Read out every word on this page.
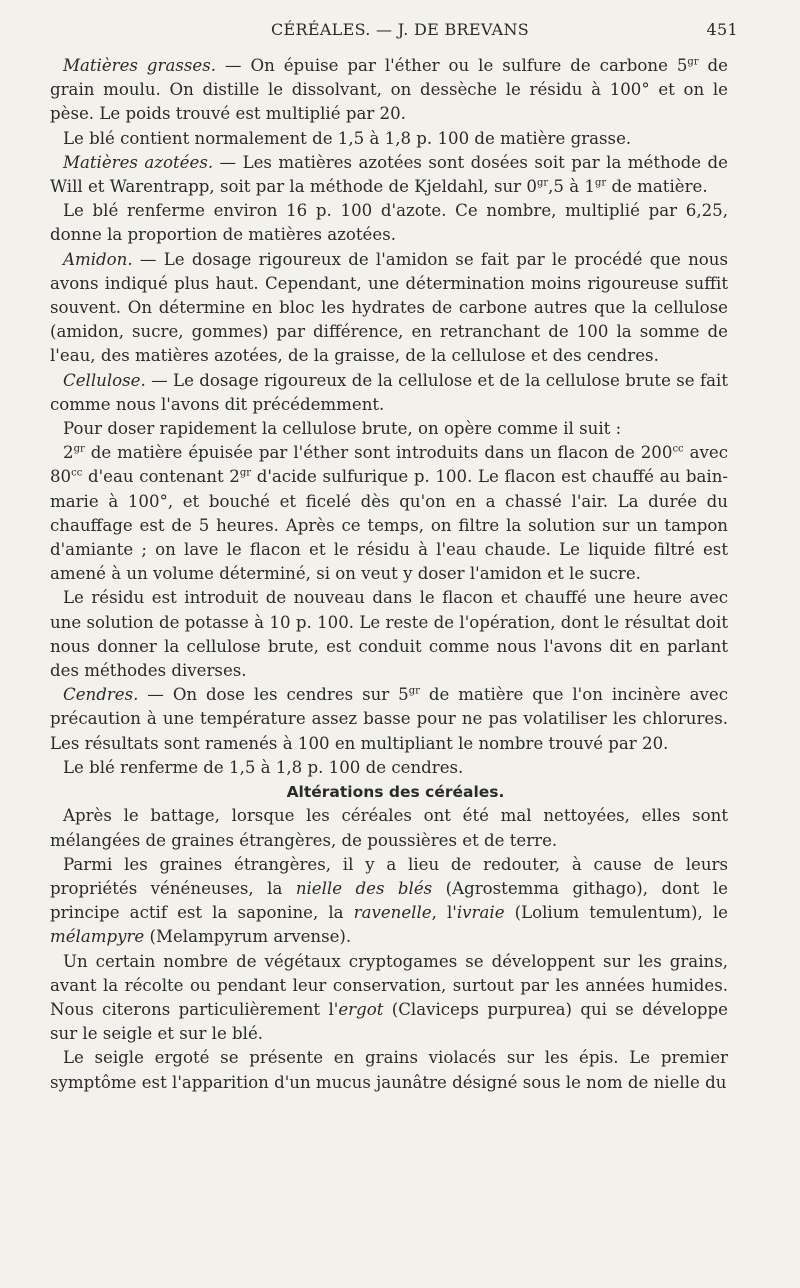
CÉRÉALES. — J. DE BREVANS	451

Matières grasses. — On épuise par l'éther ou le sulfure de carbone $5^{gr}$ de grain moulu. On distille le dissolvant, on dessèche le résidu à 100° et on le pèse. Le poids trouvé est multiplié par 20.

Le blé contient normalement de 1,5 à 1,8 p. 100 de matière grasse.

Matières azotées. — Les matières azotées sont dosées soit par la méthode de Will et Warentrapp, soit par la méthode de Kjeldahl, sur $0^{gr},5$ à $1^{gr}$ de matière.

Le blé renferme environ 16 p. 100 d'azote. Ce nombre, multiplié par 6,25, donne la proportion de matières azotées.

Amidon. — Le dosage rigoureux de l'amidon se fait par le procédé que nous avons indiqué plus haut. Cependant, une détermination moins rigoureuse suffit souvent. On détermine en bloc les hydrates de carbone autres que la cellulose (amidon, sucre, gommes) par différence, en retranchant de 100 la somme de l'eau, des matières azotées, de la graisse, de la cellulose et des cendres.

Cellulose. — Le dosage rigoureux de la cellulose et de la cellulose brute se fait comme nous l'avons dit précédemment.

Pour doser rapidement la cellulose brute, on opère comme il suit :

$2^{gr}$ de matière épuisée par l'éther sont introduits dans un flacon de $200^{cc}$ avec $80^{cc}$ d'eau contenant $2^{gr}$ d'acide sulfurique p. 100. Le flacon est chauffé au bain-marie à 100°, et bouché et ficelé dès qu'on en a chassé l'air. La durée du chauffage est de 5 heures. Après ce temps, on filtre la solution sur un tampon d'amiante ; on lave le flacon et le résidu à l'eau chaude. Le liquide filtré est amené à un volume déterminé, si on veut y doser l'amidon et le sucre.

Le résidu est introduit de nouveau dans le flacon et chauffé une heure avec une solution de potasse à 10 p. 100. Le reste de l'opération, dont le résultat doit nous donner la cellulose brute, est conduit comme nous l'avons dit en parlant des méthodes diverses.

Cendres. — On dose les cendres sur $5^{gr}$ de matière que l'on incinère avec précaution à une température assez basse pour ne pas volatiliser les chlorures. Les résultats sont ramenés à 100 en multipliant le nombre trouvé par 20.

Le blé renferme de 1,5 à 1,8 p. 100 de cendres.

Altérations des céréales.

Après le battage, lorsque les céréales ont été mal nettoyées, elles sont mélangées de graines étrangères, de poussières et de terre.

Parmi les graines étrangères, il y a lieu de redouter, à cause de leurs propriétés vénéneuses, la nielle des blés (Agrostemma githago), dont le principe actif est la saponine, la ravenelle, l'ivraie (Lolium temulentum), le mélampyre (Melampyrum arvense).

Un certain nombre de végétaux cryptogames se développent sur les grains, avant la récolte ou pendant leur conservation, surtout par les années humides. Nous citerons particulièrement l'ergot (Claviceps purpurea) qui se développe sur le seigle et sur le blé.

Le seigle ergoté se présente en grains violacés sur les épis. Le premier symptôme est l'apparition d'un mucus jaunâtre désigné sous le nom de nielle du
